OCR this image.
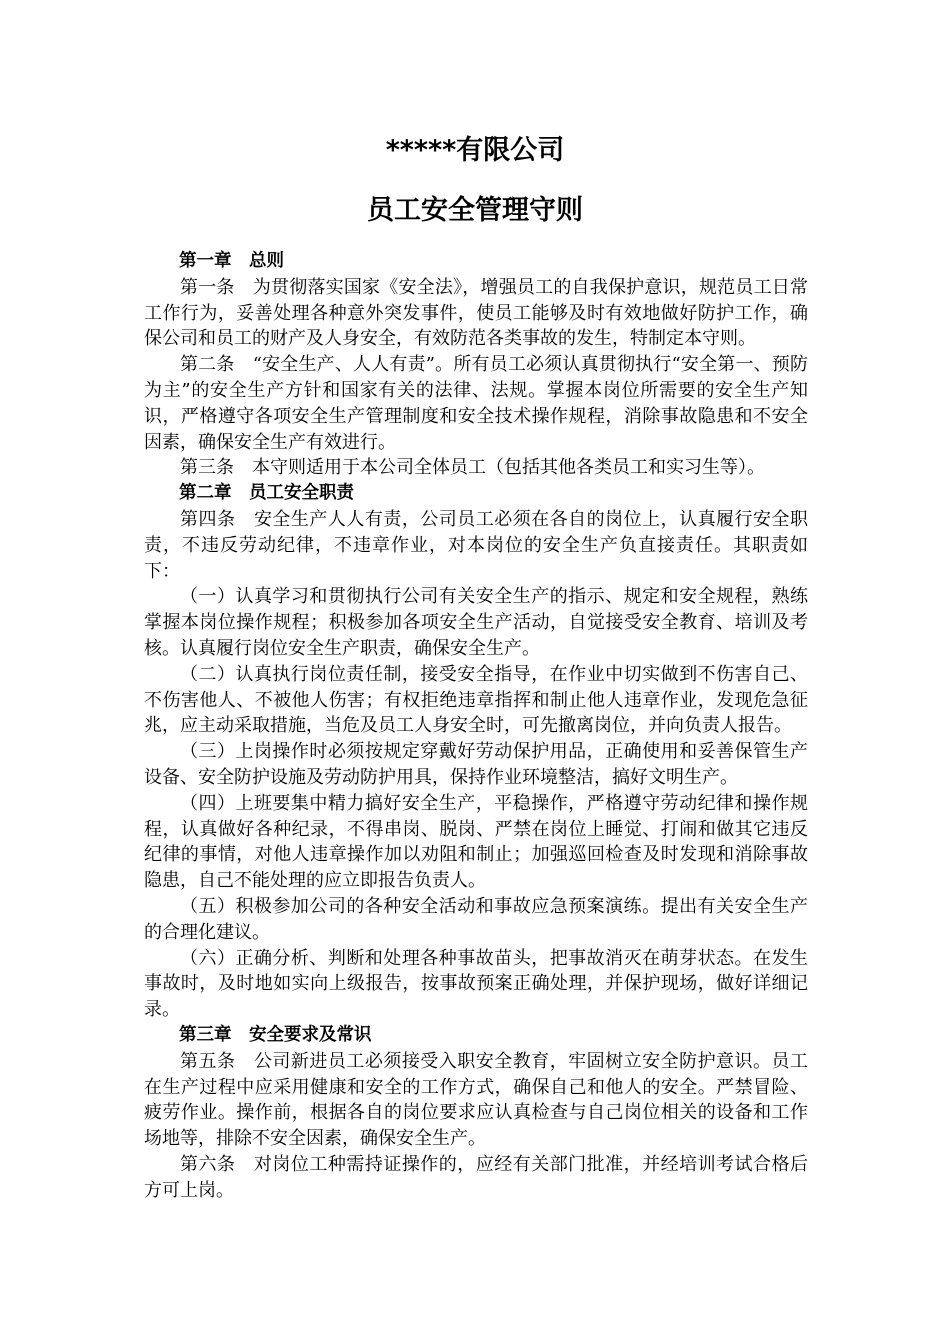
*****有限公司
员工安全管理守则

第一章　总则

第一条　为贯彻落实国家《安全法》，增强员工的自我保护意识，规范员工日常工作行为，妥善处理各种意外突发事件，使员工能够及时有效地做好防护工作，确保公司和员工的财产及人身安全，有效防范各类事故的发生，特制定本守则。

第二条　“安全生产、人人有责”。所有员工必须认真贯彻执行“安全第一、预防为主”的安全生产方针和国家有关的法律、法规。掌握本岗位所需要的安全生产知识，严格遵守各项安全生产管理制度和安全技术操作规程，消除事故隐患和不安全因素，确保安全生产有效进行。

第三条　本守则适用于本公司全体员工（包括其他各类员工和实习生等）。

第二章　员工安全职责

第四条　安全生产人人有责，公司员工必须在各自的岗位上，认真履行安全职责，不违反劳动纪律，不违章作业，对本岗位的安全生产负直接责任。其职责如下：

（一）认真学习和贯彻执行公司有关安全生产的指示、规定和安全规程，熟练掌握本岗位操作规程；积极参加各项安全生产活动，自觉接受安全教育、培训及考核。认真履行岗位安全生产职责，确保安全生产。

（二）认真执行岗位责任制，接受安全指导，在作业中切实做到不伤害自己、不伤害他人、不被他人伤害；有权拒绝违章指挥和制止他人违章作业，发现危急征兆，应主动采取措施，当危及员工人身安全时，可先撤离岗位，并向负责人报告。

（三）上岗操作时必须按规定穿戴好劳动保护用品，正确使用和妥善保管生产设备、安全防护设施及劳动防护用具，保持作业环境整洁，搞好文明生产。

（四）上班要集中精力搞好安全生产，平稳操作，严格遵守劳动纪律和操作规程，认真做好各种纪录，不得串岗、脱岗、严禁在岗位上睡觉、打闹和做其它违反纪律的事情，对他人违章操作加以劝阻和制止；加强巡回检查及时发现和消除事故隐患，自己不能处理的应立即报告负责人。

（五）积极参加公司的各种安全活动和事故应急预案演练。提出有关安全生产的合理化建议。

（六）正确分析、判断和处理各种事故苗头，把事故消灭在萌芽状态。在发生事故时，及时地如实向上级报告，按事故预案正确处理，并保护现场，做好详细记录。

第三章　安全要求及常识

第五条　公司新进员工必须接受入职安全教育，牢固树立安全防护意识。员工在生产过程中应采用健康和安全的工作方式，确保自己和他人的安全。严禁冒险、疲劳作业。操作前，根据各自的岗位要求应认真检查与自己岗位相关的设备和工作场地等，排除不安全因素，确保安全生产。

第六条　对岗位工种需持证操作的，应经有关部门批准，并经培训考试合格后方可上岗。
